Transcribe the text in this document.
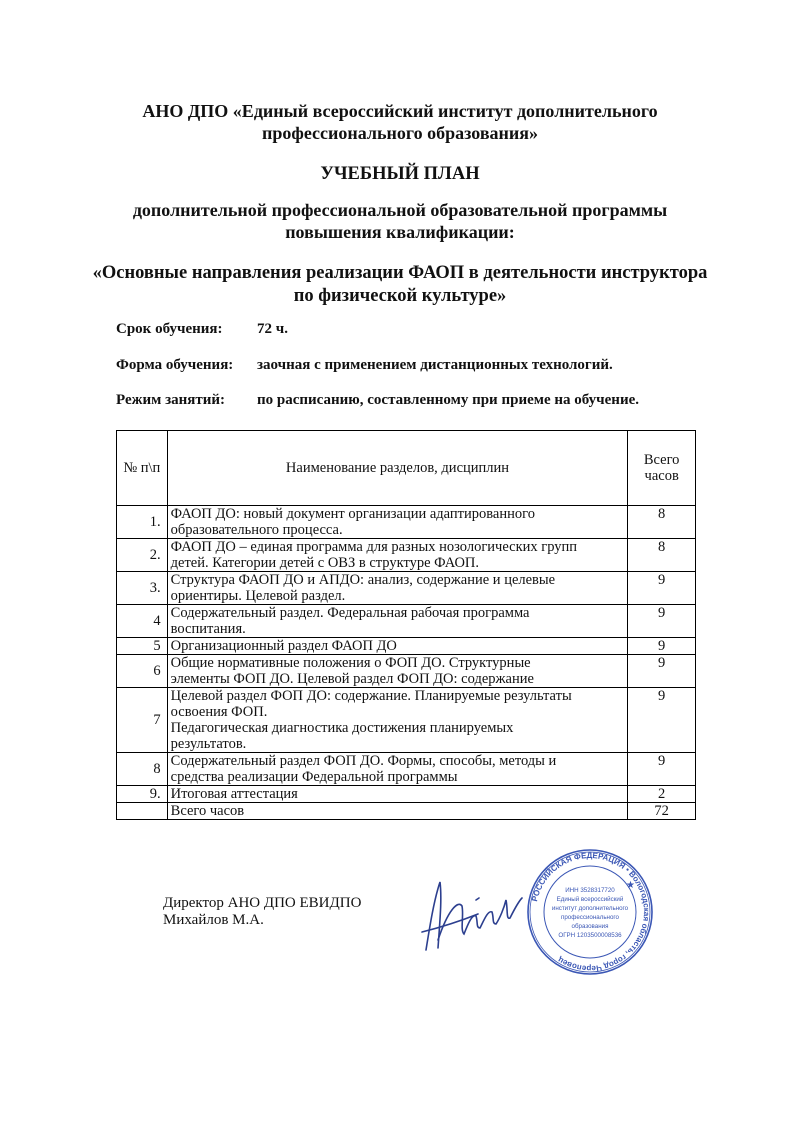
АНО ДПО «Единый всероссийский институт дополнительного
профессионального образования»
УЧЕБНЫЙ ПЛАН
дополнительной профессиональной образовательной программы
повышения квалификации:
«Основные направления реализации ФАОП в деятельности инструктора
по физической культуре»
Срок обучения: 72 ч.
Форма обучения: заочная с применением дистанционных технологий.
Режим занятий: по расписанию, составленному при приеме на обучение.
№ п\п	Наименование разделов, дисциплин	Всего
часов

1.	ФАОП ДО: новый документ организации адаптированного
образовательного процесса.	8
2.	ФАОП ДО – единая программа для разных нозологических групп
детей. Категории детей с ОВЗ в структуре ФАОП.	8
3.	Структура ФАОП ДО и АПДО: анализ, содержание и целевые
ориентиры. Целевой раздел.	9
4	Содержательный раздел. Федеральная рабочая программа
воспитания.	9
5	Организационный раздел ФАОП ДО	9
6	Общие нормативные положения о ФОП ДО. Структурные
элементы ФОП ДО. Целевой раздел ФОП ДО: содержание	9
7	Целевой раздел ФОП ДО: содержание. Планируемые результаты
освоения ФОП.
Педагогическая диагностика достижения планируемых
результатов.	9
8	Содержательный раздел ФОП ДО. Формы, способы, методы и
средства реализации Федеральной программы	9
9.	Итоговая аттестация	2

	Всего часов	72
Директор АНО ДПО ЕВИДПО
Михайлов М.А.
РОССИЙСКАЯ ФЕДЕРАЦИЯ • Вологодская область, город Череповец
ИНН 3528317720
Единый всероссийский
институт дополнительного
профессионального
образования
ОГРН 1203500008536
★
